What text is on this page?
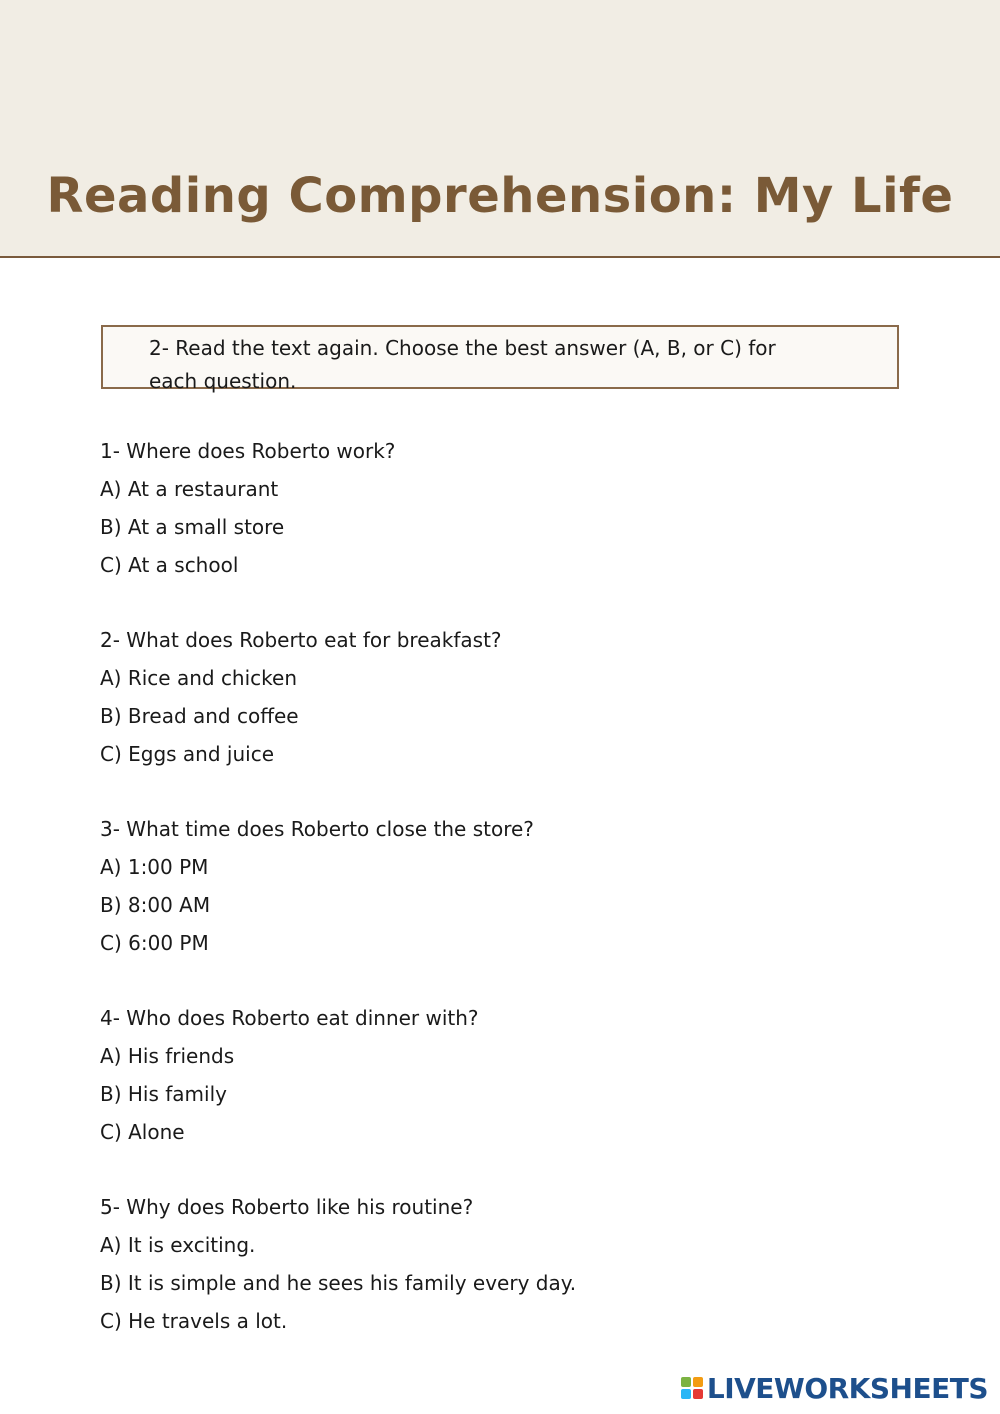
Reading Comprehension: My Life
2- Read the text again. Choose the best answer (A, B, or C) for each question.
1- Where does Roberto work?
A) At a restaurant
B) At a small store
C) At a school
2- What does Roberto eat for breakfast?
A) Rice and chicken
B) Bread and coffee
C) Eggs and juice
3- What time does Roberto close the store?
A) 1:00 PM
B) 8:00 AM
C) 6:00 PM
4- Who does Roberto eat dinner with?
A) His friends
B) His family
C) Alone
5- Why does Roberto like his routine?
A) It is exciting.
B) It is simple and he sees his family every day.
C) He travels a lot.
LIVEWORKSHEETS
